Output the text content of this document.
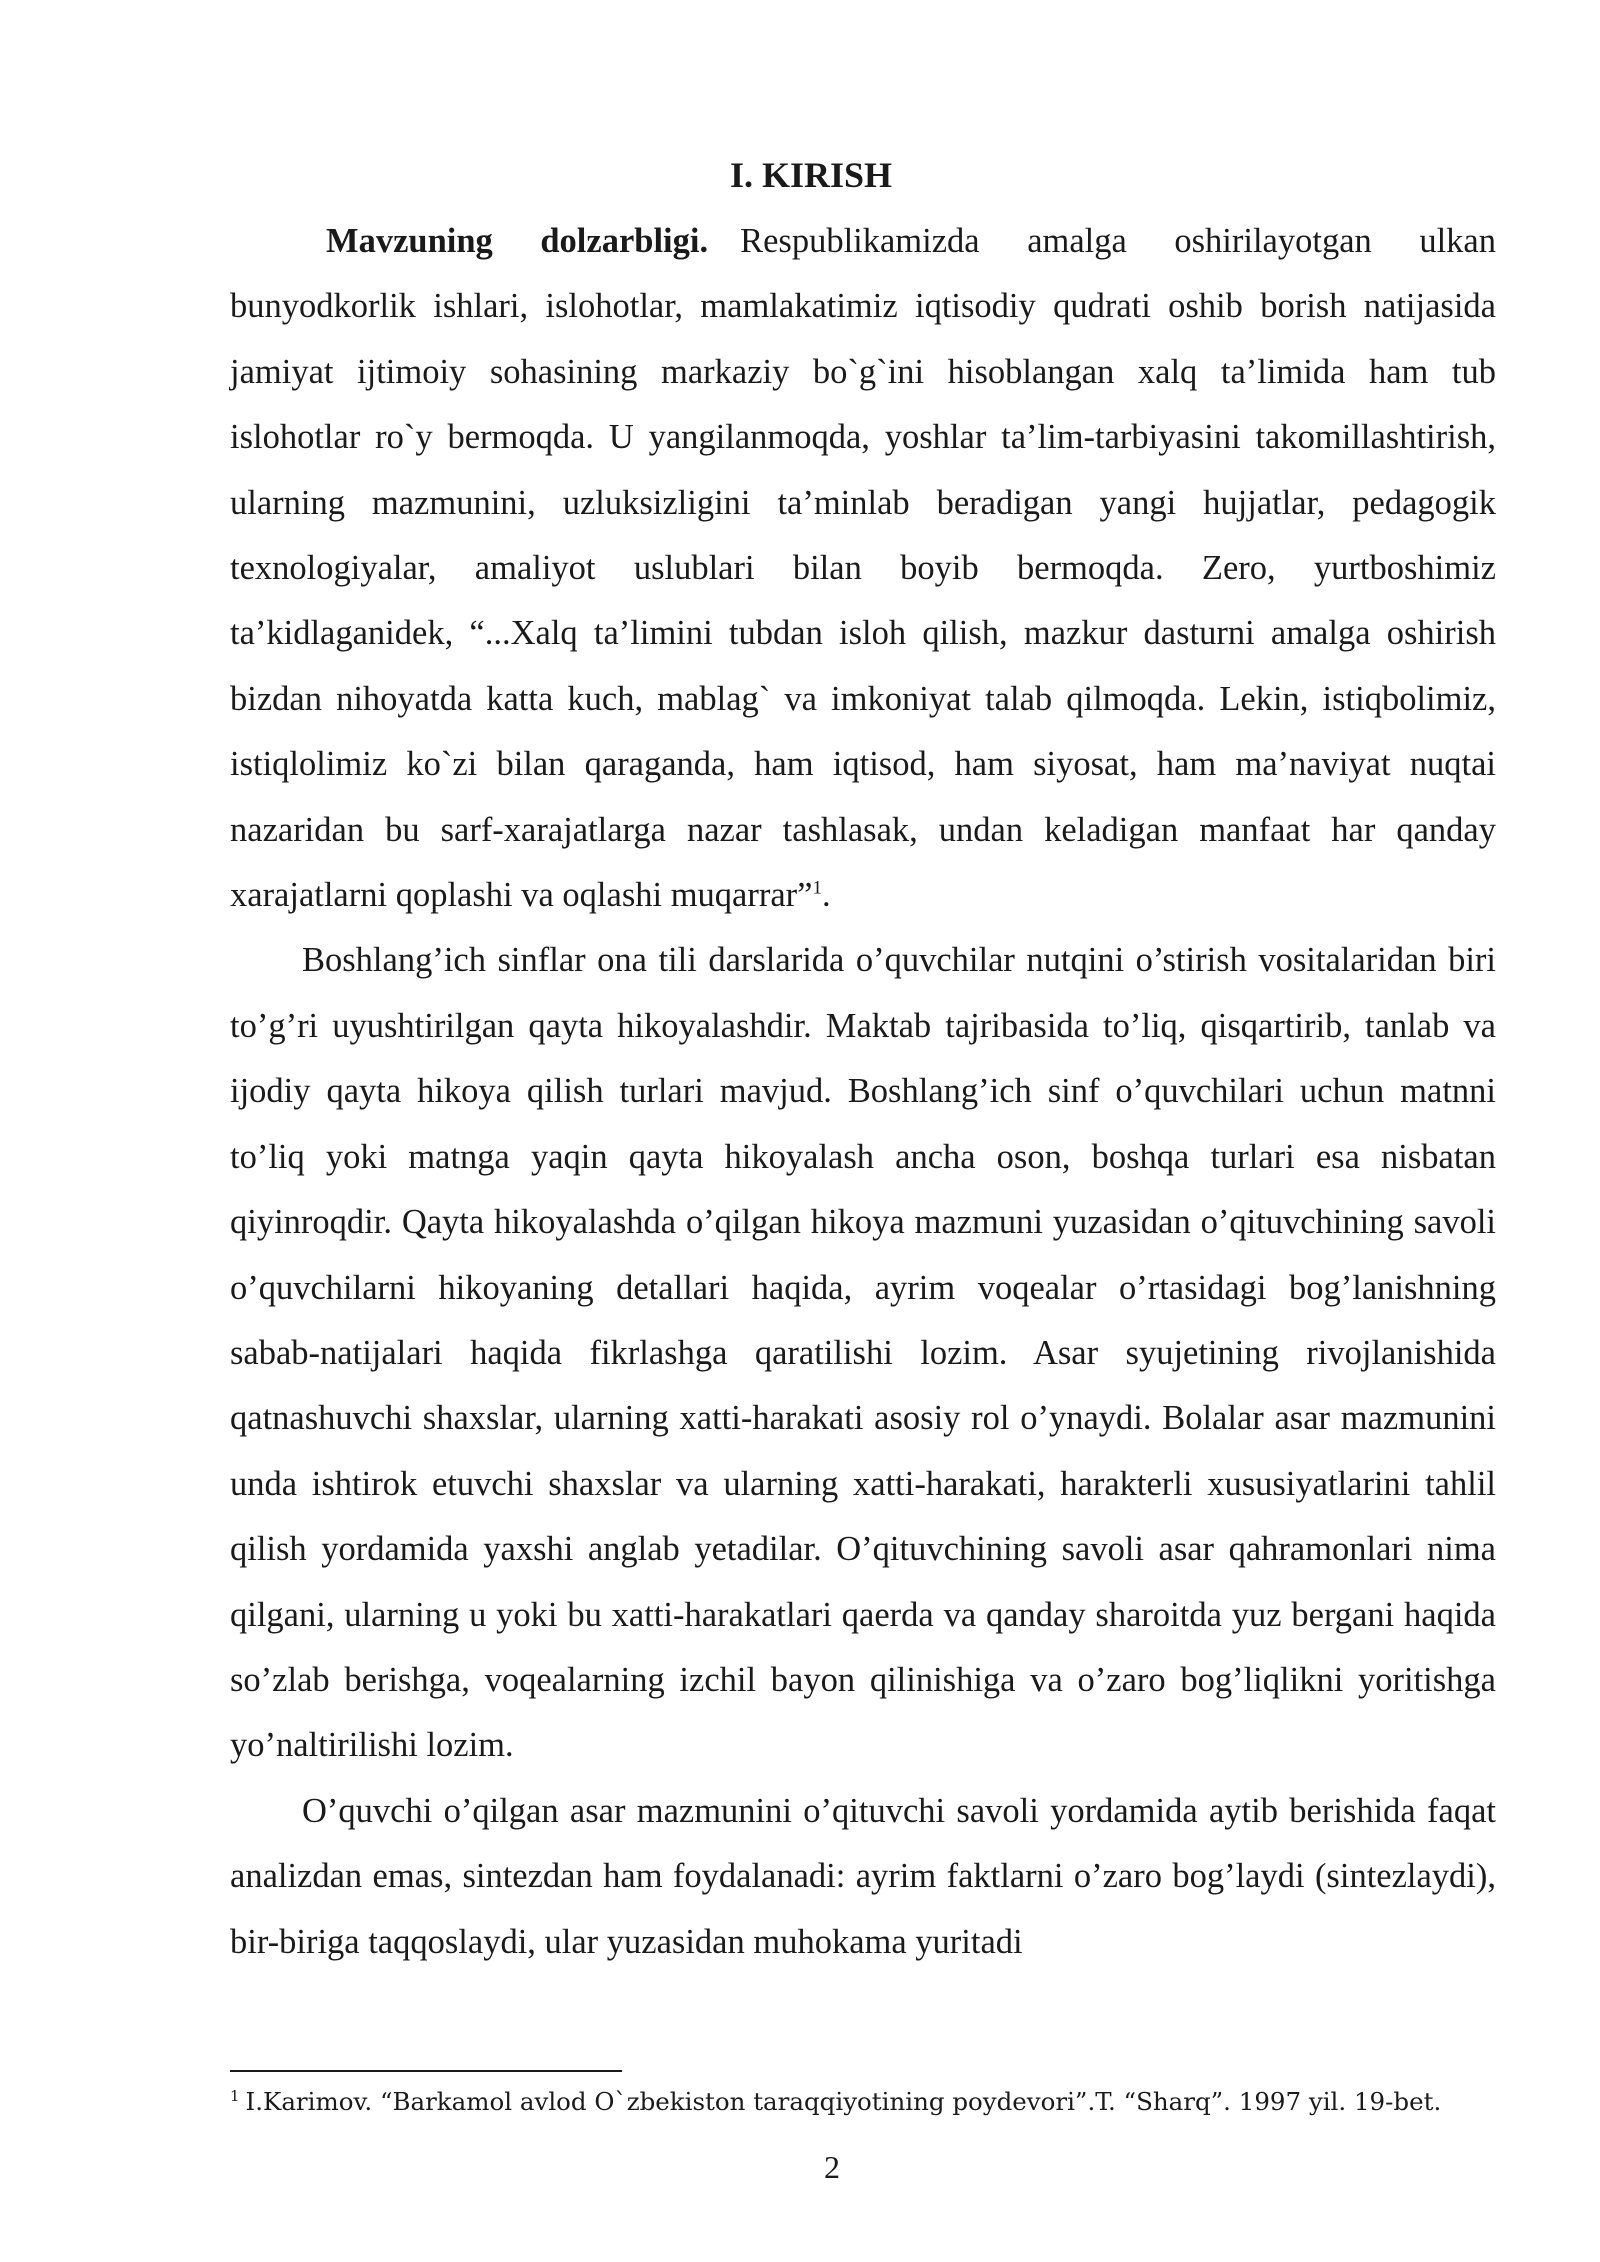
I. KIRISH

Mavzuning dolzarbligi. Respublikamizda amalga oshirilayotgan ulkan bunyodkorlik ishlari, islohotlar, mamlakatimiz iqtisodiy qudrati oshib borish natijasida jamiyat ijtimoiy sohasining markaziy bo`g`ini hisoblangan xalq ta’limida ham tub islohotlar ro`y bermoqda. U yangilanmoqda, yoshlar ta’lim-tarbiyasini takomillashtirish, ularning mazmunini, uzluksizligini ta’minlab beradigan yangi hujjatlar, pedagogik texnologiyalar, amaliyot uslublari bilan boyib bermoqda. Zero, yurtboshimiz ta’kidlaganidek, “...Xalq ta’limini tubdan isloh qilish, mazkur dasturni amalga oshirish bizdan nihoyatda katta kuch, mablag` va imkoniyat talab qilmoqda. Lekin, istiqbolimiz, istiqlolimiz ko`zi bilan qaraganda, ham iqtisod, ham siyosat, ham ma’naviyat nuqtai nazaridan bu sarf-xarajatlarga nazar tashlasak, undan keladigan manfaat har qanday xarajatlarni qoplashi va oqlashi muqarrar”$^1$.

Boshlang’ich sinflar ona tili darslarida o’quvchilar nutqini o’stirish vositalaridan biri to’g’ri uyushtirilgan qayta hikoyalashdir. Maktab tajribasida to’liq, qisqartirib, tanlab va ijodiy qayta hikoya qilish turlari mavjud. Boshlang’ich sinf o’quvchilari uchun matnni to’liq yoki matnga yaqin qayta hikoyalash ancha oson, boshqa turlari esa nisbatan qiyinroqdir. Qayta hikoyalashda o’qilgan hikoya mazmuni yuzasidan o’qituvchining savoli o’quvchilarni hikoyaning detallari haqida, ayrim voqealar o’rtasidagi bog’lanishning sabab-natijalari haqida fikrlashga qaratilishi lozim. Asar syujetining rivojlanishida qatnashuvchi shaxslar, ularning xatti-harakati asosiy rol o’ynaydi. Bolalar asar mazmunini unda ishtirok etuvchi shaxslar va ularning xatti-harakati, harakterli xususiyatlarini tahlil qilish yordamida yaxshi anglab yetadilar. O’qituvchining savoli asar qahramonlari nima qilgani, ularning u yoki bu xatti-harakatlari qaerda va qanday sharoitda yuz bergani haqida so’zlab berishga, voqealarning izchil bayon qilinishiga va o’zaro bog’liqlikni yoritishga yo’naltirilishi lozim.

O’quvchi o’qilgan asar mazmunini o’qituvchi savoli yordamida aytib berishida faqat analizdan emas, sintezdan ham foydalanadi: ayrim faktlarni o’zaro bog’laydi (sintezlaydi), bir-biriga taqqoslaydi, ular yuzasidan muhokama yuritadi

$^1$ I.Karimov. “Barkamol avlod O`zbekiston taraqqiyotining poydevori”.T. “Sharq”. 1997 yil. 19-bet.
2
